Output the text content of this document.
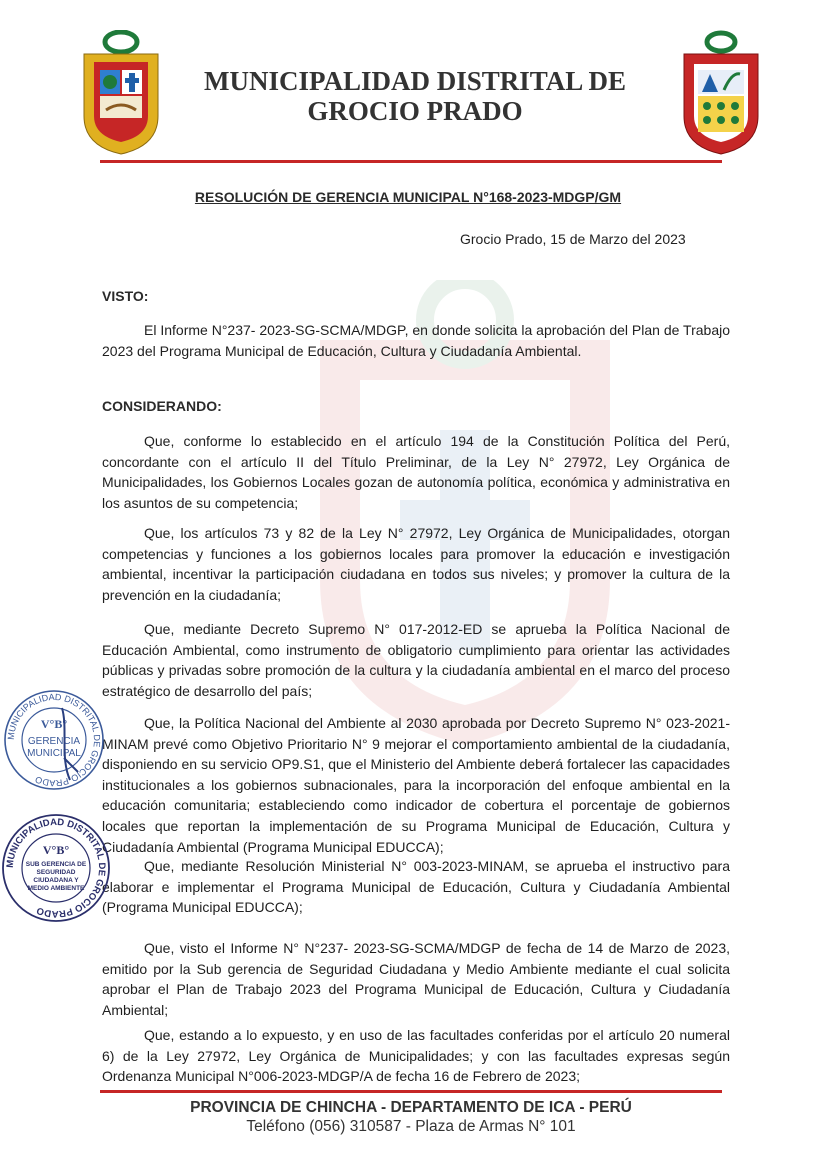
MUNICIPALIDAD DISTRITAL DE
GROCIO PRADO
RESOLUCIÓN DE GERENCIA MUNICIPAL N°168-2023-MDGP/GM
Grocio Prado, 15 de Marzo del 2023
VISTO:
El Informe N°237- 2023-SG-SCMA/MDGP, en donde solicita la aprobación del Plan de Trabajo 2023 del Programa Municipal de Educación, Cultura y Ciudadanía Ambiental.
CONSIDERANDO:
Que, conforme lo establecido en el artículo 194 de la Constitución Política del Perú, concordante con el artículo II del Título Preliminar, de la Ley N° 27972, Ley Orgánica de Municipalidades, los Gobiernos Locales gozan de autonomía política, económica y administrativa en los asuntos de su competencia;
Que, los artículos 73 y 82 de la Ley N° 27972, Ley Orgánica de Municipalidades, otorgan competencias y funciones a los gobiernos locales para promover la educación e investigación ambiental, incentivar la participación ciudadana en todos sus niveles; y promover la cultura de la prevención en la ciudadanía;
Que, mediante Decreto Supremo N° 017-2012-ED se aprueba la Política Nacional de Educación Ambiental, como instrumento de obligatorio cumplimiento para orientar las actividades públicas y privadas sobre promoción de la cultura y la ciudadanía ambiental en el marco del proceso estratégico de desarrollo del país;
Que, la Política Nacional del Ambiente al 2030 aprobada por Decreto Supremo N° 023-2021-MINAM prevé como Objetivo Prioritario N° 9 mejorar el comportamiento ambiental de la ciudadanía, disponiendo en su servicio OP9.S1, que el Ministerio del Ambiente deberá fortalecer las capacidades institucionales a los gobiernos subnacionales, para la incorporación del enfoque ambiental en la educación comunitaria; estableciendo como indicador de cobertura el porcentaje de gobiernos locales que reportan la implementación de su Programa Municipal de Educación, Cultura y Ciudadanía Ambiental (Programa Municipal EDUCCA);
Que, mediante Resolución Ministerial N° 003-2023-MINAM, se aprueba el instructivo para elaborar e implementar el Programa Municipal de Educación, Cultura y Ciudadanía Ambiental (Programa Municipal EDUCCA);
Que, visto el Informe N° N°237- 2023-SG-SCMA/MDGP de fecha de 14 de Marzo de 2023, emitido por la Sub gerencia de Seguridad Ciudadana y Medio Ambiente mediante el cual solicita aprobar el Plan de Trabajo 2023 del Programa Municipal de Educación, Cultura y Ciudadanía Ambiental;
Que, estando a lo expuesto, y en uso de las facultades conferidas por el artículo 20 numeral 6) de la Ley 27972, Ley Orgánica de Municipalidades; y con las facultades expresas según Ordenanza Municipal N°006-2023-MDGP/A de fecha 16 de Febrero de 2023;
MUNICIPALIDAD DISTRITAL DE GROCIO PRADO
V°B°
GERENCIA
MUNICIPAL
MUNICIPALIDAD DISTRITAL DE GROCIO PRADO
V°B°
SUB GERENCIA DE
SEGURIDAD
CIUDADANA Y
MEDIO AMBIENTE
PROVINCIA DE CHINCHA - DEPARTAMENTO DE ICA - PERÚ
Teléfono (056) 310587 - Plaza de Armas N° 101
